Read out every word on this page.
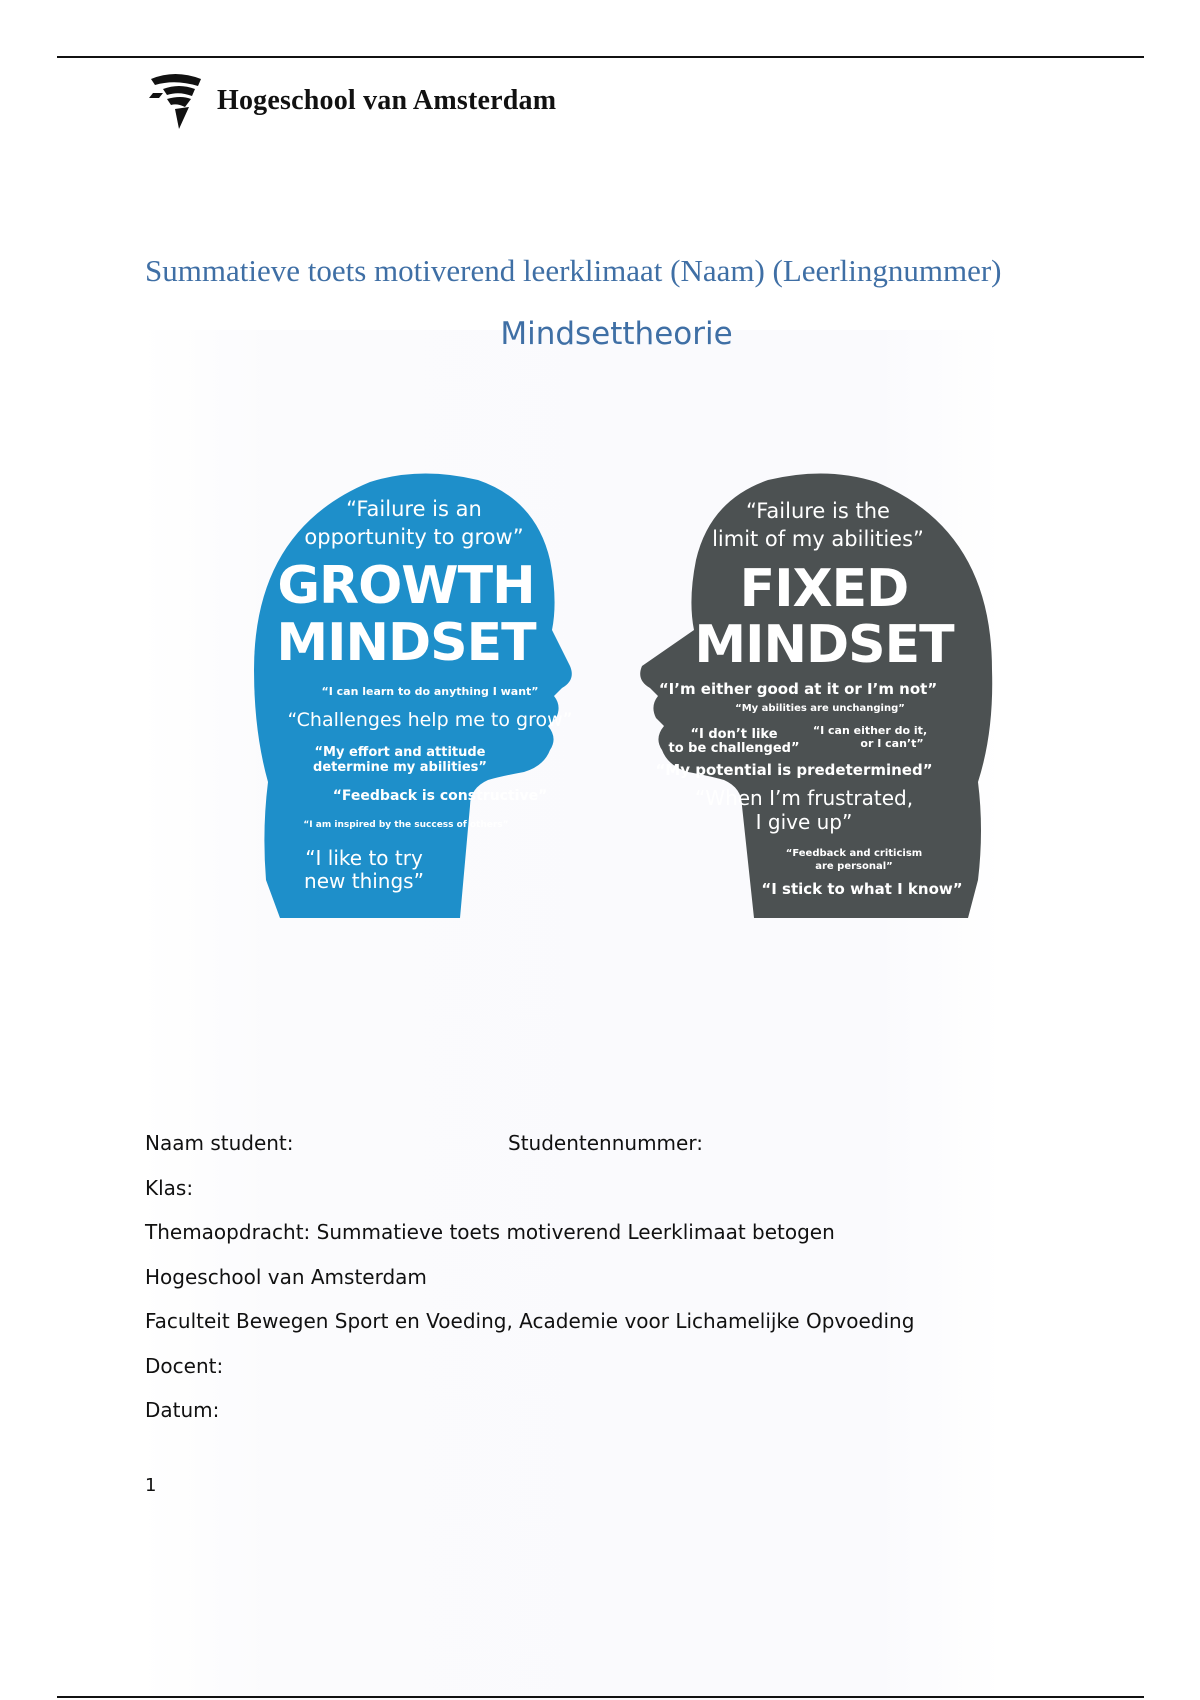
Hogeschool van Amsterdam
Summatieve toets motiverend leerklimaat (Naam) (Leerlingnummer)
Mindsettheorie
“Failure is an
opportunity to grow”
GROWTH
MINDSET
“I can learn to do anything I want”
“Challenges help me to grow”
“My effort and attitude
determine my abilities”
“Feedback is constructive”
“I am inspired by the success of others”
“I like to try
new things”
“Failure is the
limit of my abilities”
FIXED
MINDSET
“I’m either good at it or I’m not”
“My abilities are unchanging”
“I don’t like
to be challenged”
“I can either do it,
or I can’t”
“My potential is predetermined”
“When I’m frustrated,
I give up”
“Feedback and criticism
are personal”
“I stick to what I know”
Naam student:	Studentennummer:
Klas:
Themaopdracht: Summatieve toets motiverend Leerklimaat betogen
Hogeschool van Amsterdam
Faculteit Bewegen Sport en Voeding, Academie voor Lichamelijke Opvoeding
Docent:
Datum:
1
